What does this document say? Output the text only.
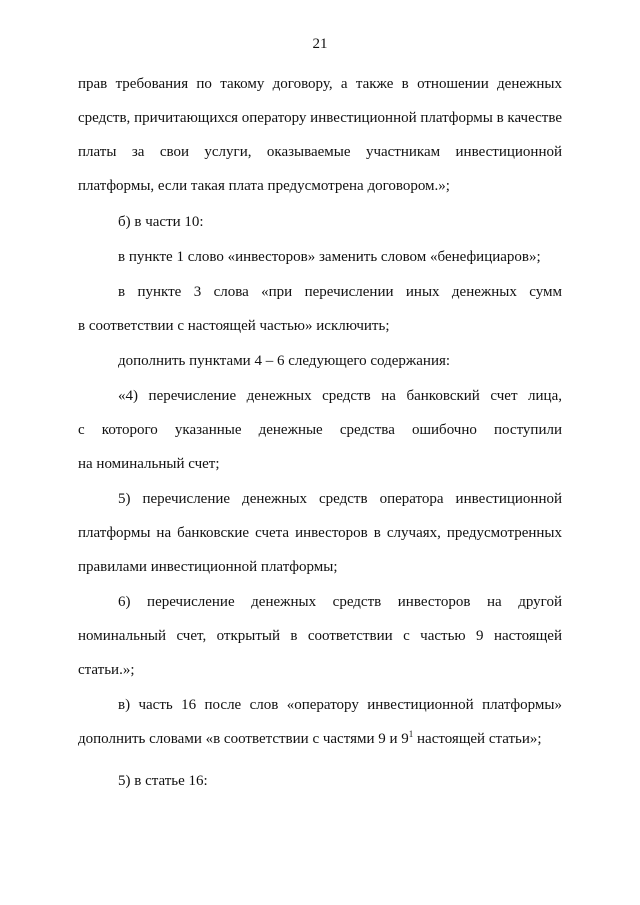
21
прав требования по такому договору, а также в отношении денежных
средств, причитающихся оператору инвестиционной платформы в качестве
платы за свои услуги, оказываемые участникам инвестиционной
платформы, если такая плата предусмотрена договором.»;
б) в части 10:
в пункте 1 слово «инвесторов» заменить словом «бенефициаров»;
в пункте 3 слова «при перечислении иных денежных сумм
в соответствии с настоящей частью» исключить;
дополнить пунктами 4 – 6 следующего содержания:
«4) перечисление денежных средств на банковский счет лица,
с которого указанные денежные средства ошибочно поступили
на номинальный счет;
5) перечисление денежных средств оператора инвестиционной
платформы на банковские счета инвесторов в случаях, предусмотренных
правилами инвестиционной платформы;
6) перечисление денежных средств инвесторов на другой
номинальный счет, открытый в соответствии с частью 9 настоящей
статьи.»;
в) часть 16 после слов «оператору инвестиционной платформы»
дополнить словами «в соответствии с частями 9 и $9^1$ настоящей статьи»;
5) в статье 16:
